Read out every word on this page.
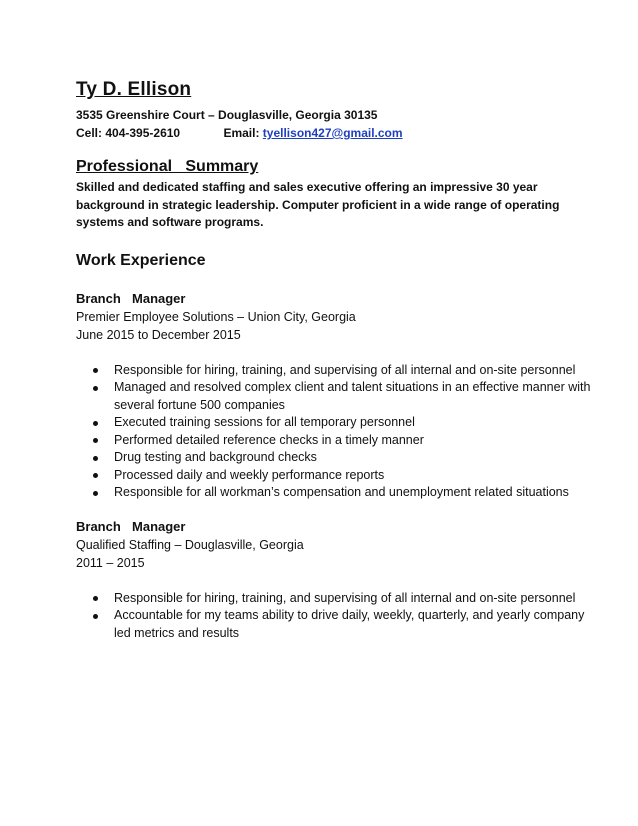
Ty D. Ellison
3535 Greenshire Court – Douglasville, Georgia 30135
Cell: 404-395-2610	Email: tyellison427@gmail.com
Professional   Summary
Skilled and dedicated staffing and sales executive offering an impressive 30 year background in strategic leadership. Computer proficient in a wide range of operating systems and software programs.
Work Experience
Branch  Manager
Premier Employee Solutions – Union City, Georgia
June 2015 to December 2015
Responsible for hiring, training, and supervising of all internal and on-site personnel
Managed and resolved complex client and talent situations in an effective manner with several fortune 500 companies
Executed training sessions for all temporary personnel
Performed detailed reference checks in a timely manner
Drug testing and background checks
Processed daily and weekly performance reports
Responsible for all workman’s compensation and unemployment related situations
Branch  Manager
Qualified Staffing – Douglasville, Georgia
2011 – 2015
Responsible for hiring, training, and supervising of all internal and on-site personnel
Accountable for my teams ability to drive daily, weekly, quarterly, and yearly company led metrics and results
